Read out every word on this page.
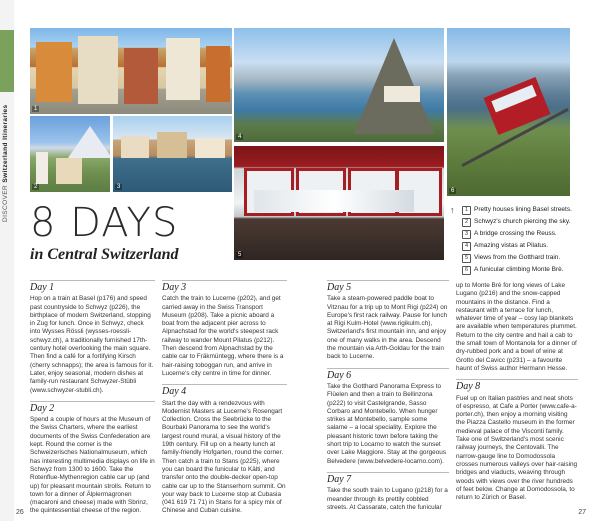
DISCOVER Switzerland Itineraries	1
2	3
4
5
6
↑	1 Pretty houses lining Basel streets.
2 Schwyz's church piercing the sky.
3 A bridge crossing the Reuss.
4 Amazing vistas at Pilatus.
5 Views from the Gotthard train.
6 A funicular climbing Monte Brè.
8 DAYS
in Central Switzerland
Day 1

Hop on a train at Basel (p176) and speed past countryside to Schwyz (p226), the birthplace of modern Switzerland, stopping in Zug for lunch. Once in Schwyz, check into Wysses Rössli (wysses-roessli-schwyz.ch), a traditionally furnished 17th-century hotel overlooking the main square. Then find a café for a fortifying Kirsch (cherry schnapps); the area is famous for it. Later, enjoy seasonal, modern dishes at family-run restaurant Schwyzer-Stübli (www.schwyzer-stubli.ch).

Day 2

Spend a couple of hours at the Museum of the Swiss Charters, where the earliest documents of the Swiss Confederation are kept. Round the corner is the Schweizerisches Nationalmuseum, which has interesting multimedia displays on life in Schwyz from 1300 to 1600. Take the Rotenfluе-Mythenregion cable car up (and up) for pleasant mountain strolls. Return to town for a dinner of Älplermagronen (macaroni and cheese) made with Sbrinz, the quintessential cheese of the region.

Day 3

Catch the train to Lucerne (p202), and get carried away in the Swiss Transport Museum (p208). Take a picnic aboard a boat from the adjacent pier across to Alpnachstad for the world's steepest rack railway to wander Mount Pilatus (p212). Then descend from Alpnachstad by the cable car to Fräkmüntegg, where there is a hair-raising toboggan run, and arrive in Lucerne's city centre in time for dinner.

Day 4

Start the day with a rendezvous with Modernist Masters at Lucerne's Rosengart Collection. Cross the Seebrücke to the Bourbaki Panorama to see the world's largest round mural, a visual history of the 19th century. Fill up on a hearty lunch at family-friendly Hofgarten, round the corner. Then catch a train to Stans (p225), where you can board the funicular to Kälti, and transfer onto the double-decker open-top cable car up to the Stanserhorn summit. On your way back to Lucerne stop at Cubasia (041 619 71 71) in Stans for a spicy mix of Chinese and Cuban cuisine.

Day 5

Take a steam-powered paddle boat to Vitznau for a trip up to Mont Rigi (p224) on Europe's first rack railway. Pause for lunch at Rigi Kulm-Hotel (www.rigikulm.ch), Switzerland's first mountain inn, and enjoy one of many walks in the area. Descend the mountain via Arth-Goldau for the train back to Lucerne.

Day 6

Take the Gotthard Panorama Express to Flüelen and then a train to Bellinzona (p222) to visit Castelgrande, Sasso Corbaro and Montebello. When hunger strikes at Montebello, sample some salame – a local speciality. Explore the pleasant historic town before taking the short trip to Locarno to watch the sunset over Lake Maggiore. Stay at the gorgeous Belvedere (www.belvedere-locarno.com).

Day 7

Take the south train to Lugano (p218) for a meander through its prettily cobbled streets. At Cassarate, catch the funicular

up to Monte Brè for long views of Lake Lugano (p216) and the snow-capped mountains in the distance. Find a restaurant with a terrace for lunch, whatever time of year – cosy lap blankets are available when temperatures plummet. Return to the city centre and hail a cab to the small town of Montanola for a dinner of dry-rubbed pork and a bowl of wine at Grotto del Cavicc (p231) – a favourite haunt of Swiss author Hermann Hesse.

Day 8

Fuel up on Italian pastries and neat shots of espresso, at Cafe a Porter (www.cafe-a-porter.ch), then enjoy a morning visiting the Piazza Castello museum in the former medieval palace of the Visconti family. Take one of Switzerland's most scenic railway journeys, the Centovalli. The narrow-gauge line to Domodossola crosses numerous valleys over hair-raising bridges and viaducts, weaving through woods with views over the river hundreds of feet below. Change at Domodossola, to return to Zürich or Basel.

26	27
